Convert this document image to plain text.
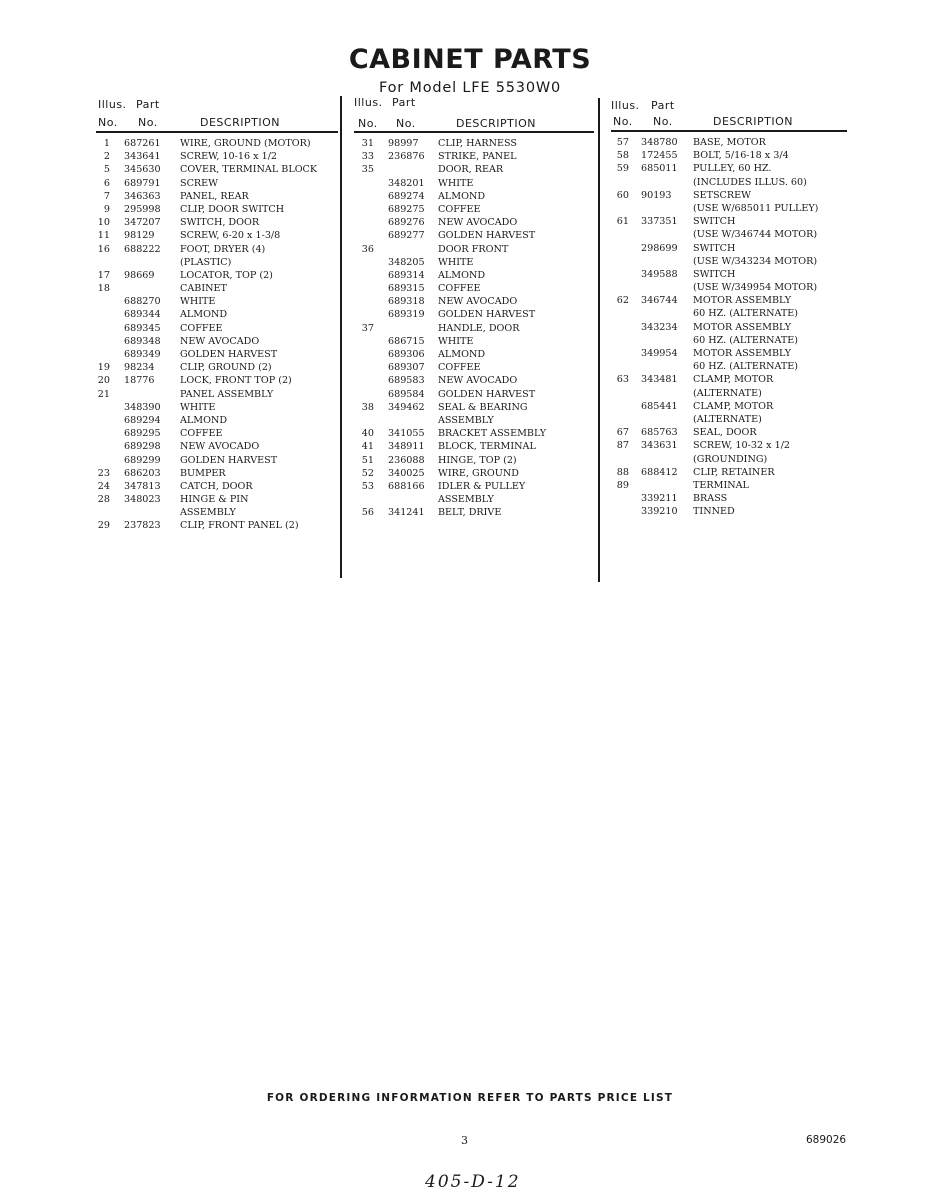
CABINET PARTS
For Model LFE 5530W0
Illus. Part
No. No.	DESCRIPTION
1 687261 WIRE, GROUND (MOTOR)
2 343641 SCREW, 10-16 x 1/2
5 345630 COVER, TERMINAL BLOCK
6 689791 SCREW
7 346363 PANEL, REAR
9 295998 CLIP, DOOR SWITCH
10 347207 SWITCH, DOOR
11 98129	SCREW, 6-20 x 1-3/8
16 688222 FOOT, DRYER (4)
(PLASTIC)
17 98669	LOCATOR, TOP (2)
18	CABINET
688270 WHITE
689344 ALMOND
689345 COFFEE
689348 NEW AVOCADO
689349 GOLDEN HARVEST
19 98234	CLIP, GROUND (2)
20 18776	LOCK, FRONT TOP (2)
21	PANEL ASSEMBLY
348390 WHITE
689294 ALMOND
689295 COFFEE
689298 NEW AVOCADO
689299 GOLDEN HARVEST
23 686203 BUMPER
24 347813 CATCH, DOOR
28 348023 HINGE & PIN
ASSEMBLY
29 237823 CLIP, FRONT PANEL (2)
Illus. Part
No. No.	DESCRIPTION
31 98997 CLIP, HARNESS
33 236876 STRIKE, PANEL
35	DOOR, REAR
348201 WHITE
689274 ALMOND
689275 COFFEE
689276 NEW AVOCADO
689277 GOLDEN HARVEST
36	DOOR FRONT
348205 WHITE
689314 ALMOND
689315 COFFEE
689318 NEW AVOCADO
689319 GOLDEN HARVEST
37	HANDLE, DOOR
686715 WHITE
689306 ALMOND
689307 COFFEE
689583 NEW AVOCADO
689584 GOLDEN HARVEST
38 349462 SEAL & BEARING
ASSEMBLY
40 341055 BRACKET ASSEMBLY
41 348911 BLOCK, TERMINAL
51 236088 HINGE, TOP (2)
52 340025 WIRE, GROUND
53 688166 IDLER & PULLEY
ASSEMBLY
56 341241 BELT, DRIVE
Illus. Part
No. No.	DESCRIPTION
57 348780 BASE, MOTOR
58 172455 BOLT, 5/16-18 x 3/4
59 685011 PULLEY, 60 HZ.
(INCLUDES ILLUS. 60)
60 90193 SETSCREW
(USE W/685011 PULLEY)
61 337351 SWITCH
(USE W/346744 MOTOR)
298699 SWITCH
(USE W/343234 MOTOR)
349588 SWITCH
(USE W/349954 MOTOR)
62 346744 MOTOR ASSEMBLY
60 HZ. (ALTERNATE)
343234 MOTOR ASSEMBLY
60 HZ. (ALTERNATE)
349954 MOTOR ASSEMBLY
60 HZ. (ALTERNATE)
63 343481 CLAMP, MOTOR
(ALTERNATE)
685441 CLAMP, MOTOR
(ALTERNATE)
67 685763 SEAL, DOOR
87 343631 SCREW, 10-32 x 1/2
(GROUNDING)
88 688412 CLIP, RETAINER
89	TERMINAL
339211 BRASS
339210 TINNED
FOR ORDERING INFORMATION REFER TO PARTS PRICE LIST
3	689026
405-D-12
